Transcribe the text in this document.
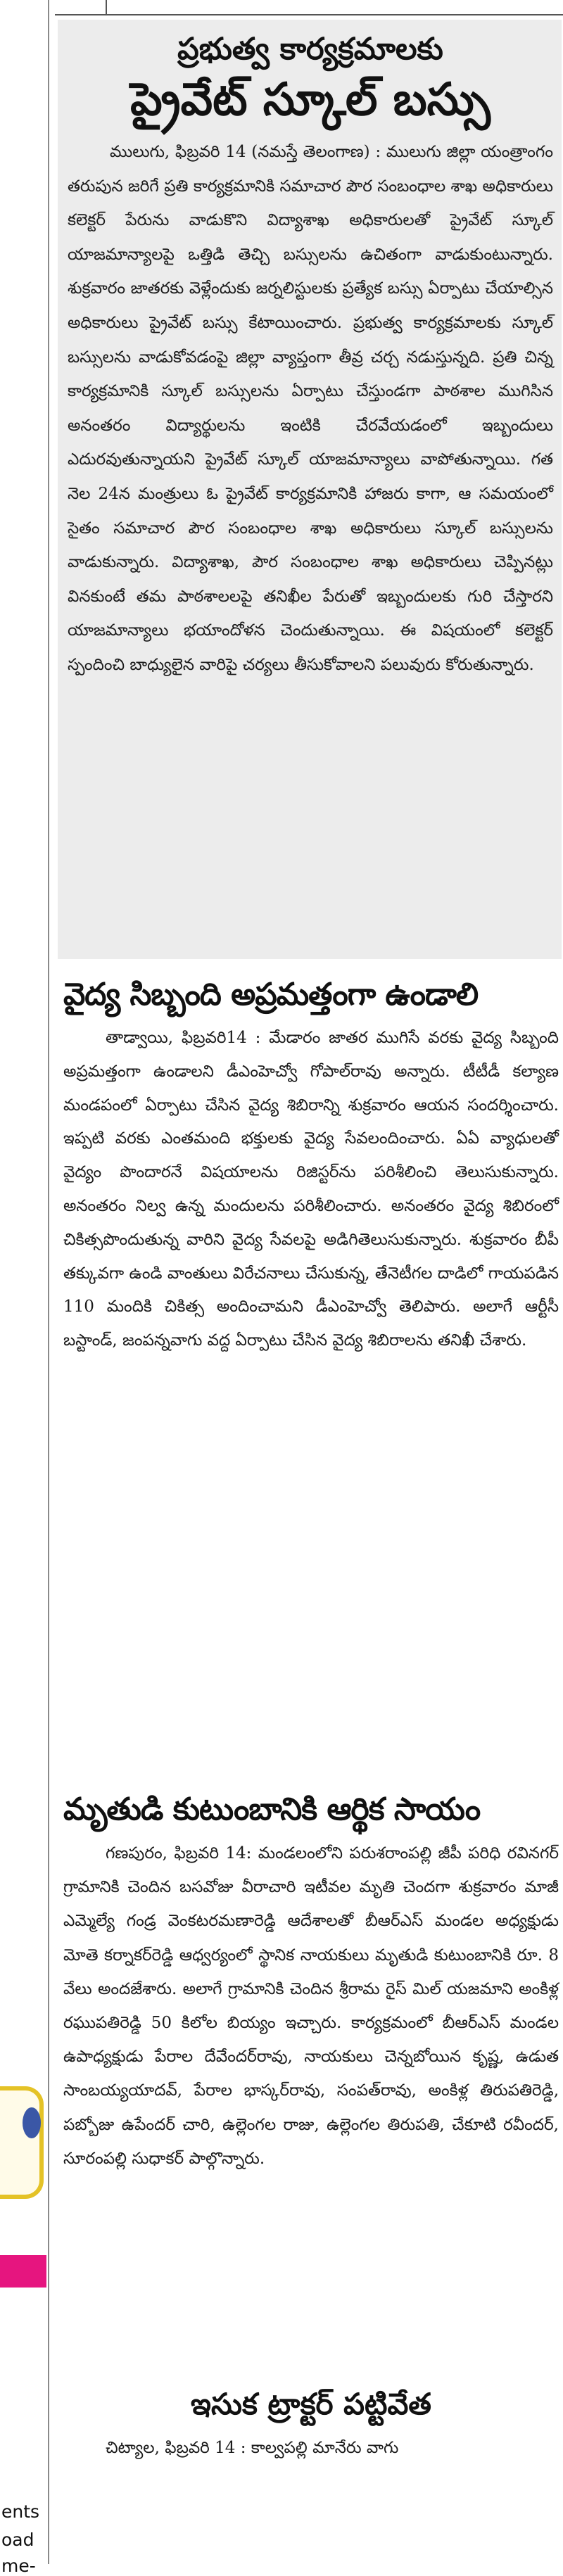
ents
oad
me-
ప్రభుత్వ కార్యక్రమాలకు
ప్రైవేట్ స్కూల్ బస్సు
ములుగు, ఫిబ్రవరి 14 (నమస్తే తెలంగాణ) : ములుగు జిల్లా యంత్రాంగం తరుపున జరిగే ప్రతి కార్యక్రమానికి సమాచార పౌర సంబంధాల శాఖ అధికారులు కలెక్టర్ పేరును వాడుకొని విద్యాశాఖ అధికారులతో ప్రైవేట్ స్కూల్ యాజమాన్యాలపై ఒత్తిడి తెచ్చి బస్సులను ఉచితంగా వాడుకుంటున్నారు. శుక్రవారం జాతరకు వెళ్లేందుకు జర్నలిస్టులకు ప్రత్యేక బస్సు ఏర్పాటు చేయాల్సిన అధికారులు ప్రైవేట్ బస్సు కేటాయించారు. ప్రభుత్వ కార్యక్రమాలకు స్కూల్ బస్సులను వాడుకోవడంపై జిల్లా వ్యాప్తంగా తీవ్ర చర్చ నడుస్తున్నది. ప్రతి చిన్న కార్యక్రమానికి స్కూల్ బస్సులను ఏర్పాటు చేస్తుండగా పాఠశాల ముగిసిన అనంతరం విద్యార్థులను ఇంటికి చేరవేయడంలో ఇబ్బందులు ఎదురవుతున్నాయని ప్రైవేట్ స్కూల్ యాజమాన్యాలు వాపోతున్నాయి. గత నెల 24న మంత్రులు ఓ ప్రైవేట్ కార్యక్రమానికి హాజరు కాగా, ఆ సమయంలో సైతం సమాచార పౌర సంబంధాల శాఖ అధికారులు స్కూల్ బస్సులను వాడుకున్నారు. విద్యాశాఖ, పౌర సంబంధాల శాఖ అధికారులు చెప్పినట్లు వినకుంటే తమ పాఠశాలలపై తనిఖీల పేరుతో ఇబ్బందులకు గురి చేస్తారని యాజమాన్యాలు భయాందోళన చెందుతున్నాయి. ఈ విషయంలో కలెక్టర్ స్పందించి బాధ్యులైన వారిపై చర్యలు తీసుకోవాలని పలువురు కోరుతున్నారు.
వైద్య సిబ్బంది అప్రమత్తంగా ఉండాలి
తాడ్వాయి, ఫిబ్రవరి14 : మేడారం జాతర ముగిసే వరకు వైద్య సిబ్బంది అప్రమత్తంగా ఉండాలని డీఎంహెచ్వో గోపాల్‌రావు అన్నారు. టీటీడీ కల్యాణ మండపంలో ఏర్పాటు చేసిన వైద్య శిబిరాన్ని శుక్రవారం ఆయన సందర్శించారు. ఇప్పటి వరకు ఎంతమంది భక్తులకు వైద్య సేవలందించారు. ఏఏ వ్యాధులతో వైద్యం పొందారనే విషయాలను రిజిస్టర్‌ను పరిశీలించి తెలుసుకున్నారు. అనంతరం నిల్వ ఉన్న మందులను పరిశీలించారు. అనంతరం వైద్య శిబిరంలో చికిత్సపొందుతున్న వారిని వైద్య సేవలపై అడిగితెలుసుకున్నారు. శుక్రవారం బీపీ తక్కువగా ఉండి వాంతులు విరేచనాలు చేసుకున్న, తేనెటీగల దాడిలో గాయపడిన 110 మందికి చికిత్స అందించామని డీఎంహెచ్వో తెలిపారు. అలాగే ఆర్టీసీ బస్టాండ్, జంపన్నవాగు వద్ద ఏర్పాటు చేసిన వైద్య శిబిరాలను తనిఖీ చేశారు.
మృతుడి కుటుంబానికి ఆర్థిక సాయం
గణపురం, ఫిబ్రవరి 14: మండలంలోని పరుశరాంపల్లి జీపీ పరిధి రవినగర్ గ్రామానికి చెందిన బసవోజు వీరాచారి ఇటీవల మృతి చెందగా శుక్రవారం మాజీ ఎమ్మెల్యే గండ్ర వెంకటరమణారెడ్డి ఆదేశాలతో బీఆర్ఎస్ మండల అధ్యక్షుడు మోతె కర్నాకర్‌రెడ్డి ఆధ్వర్యంలో స్థానిక నాయకులు మృతుడి కుటుంబానికి రూ. 8 వేలు అందజేశారు. అలాగే గ్రామానికి చెందిన శ్రీరామ రైస్ మిల్ యజమాని అంకిళ్ల రఘుపతిరెడ్డి 50 కిలోల బియ్యం ఇచ్చారు. కార్యక్రమంలో బీఆర్ఎస్ మండల ఉపాధ్యక్షుడు పేరాల దేవేందర్‌రావు, నాయకులు చెన్నబోయిన కృష్ణ, ఉడుత సాంబయ్యయాదవ్, పేరాల భాస్కర్‌రావు, సంపత్‌రావు, అంకిళ్ల తిరుపతిరెడ్డి, పబ్బోజు ఉపేందర్ చారి, ఉల్లెంగల రాజు, ఉల్లెంగల తిరుపతి, చేకూటి రవీందర్, సూరంపల్లి సుధాకర్ పాల్గొన్నారు.
ఇసుక ట్రాక్టర్ పట్టివేత
చిట్యాల, ఫిబ్రవరి 14 : కాల్వపల్లి మానేరు వాగు
